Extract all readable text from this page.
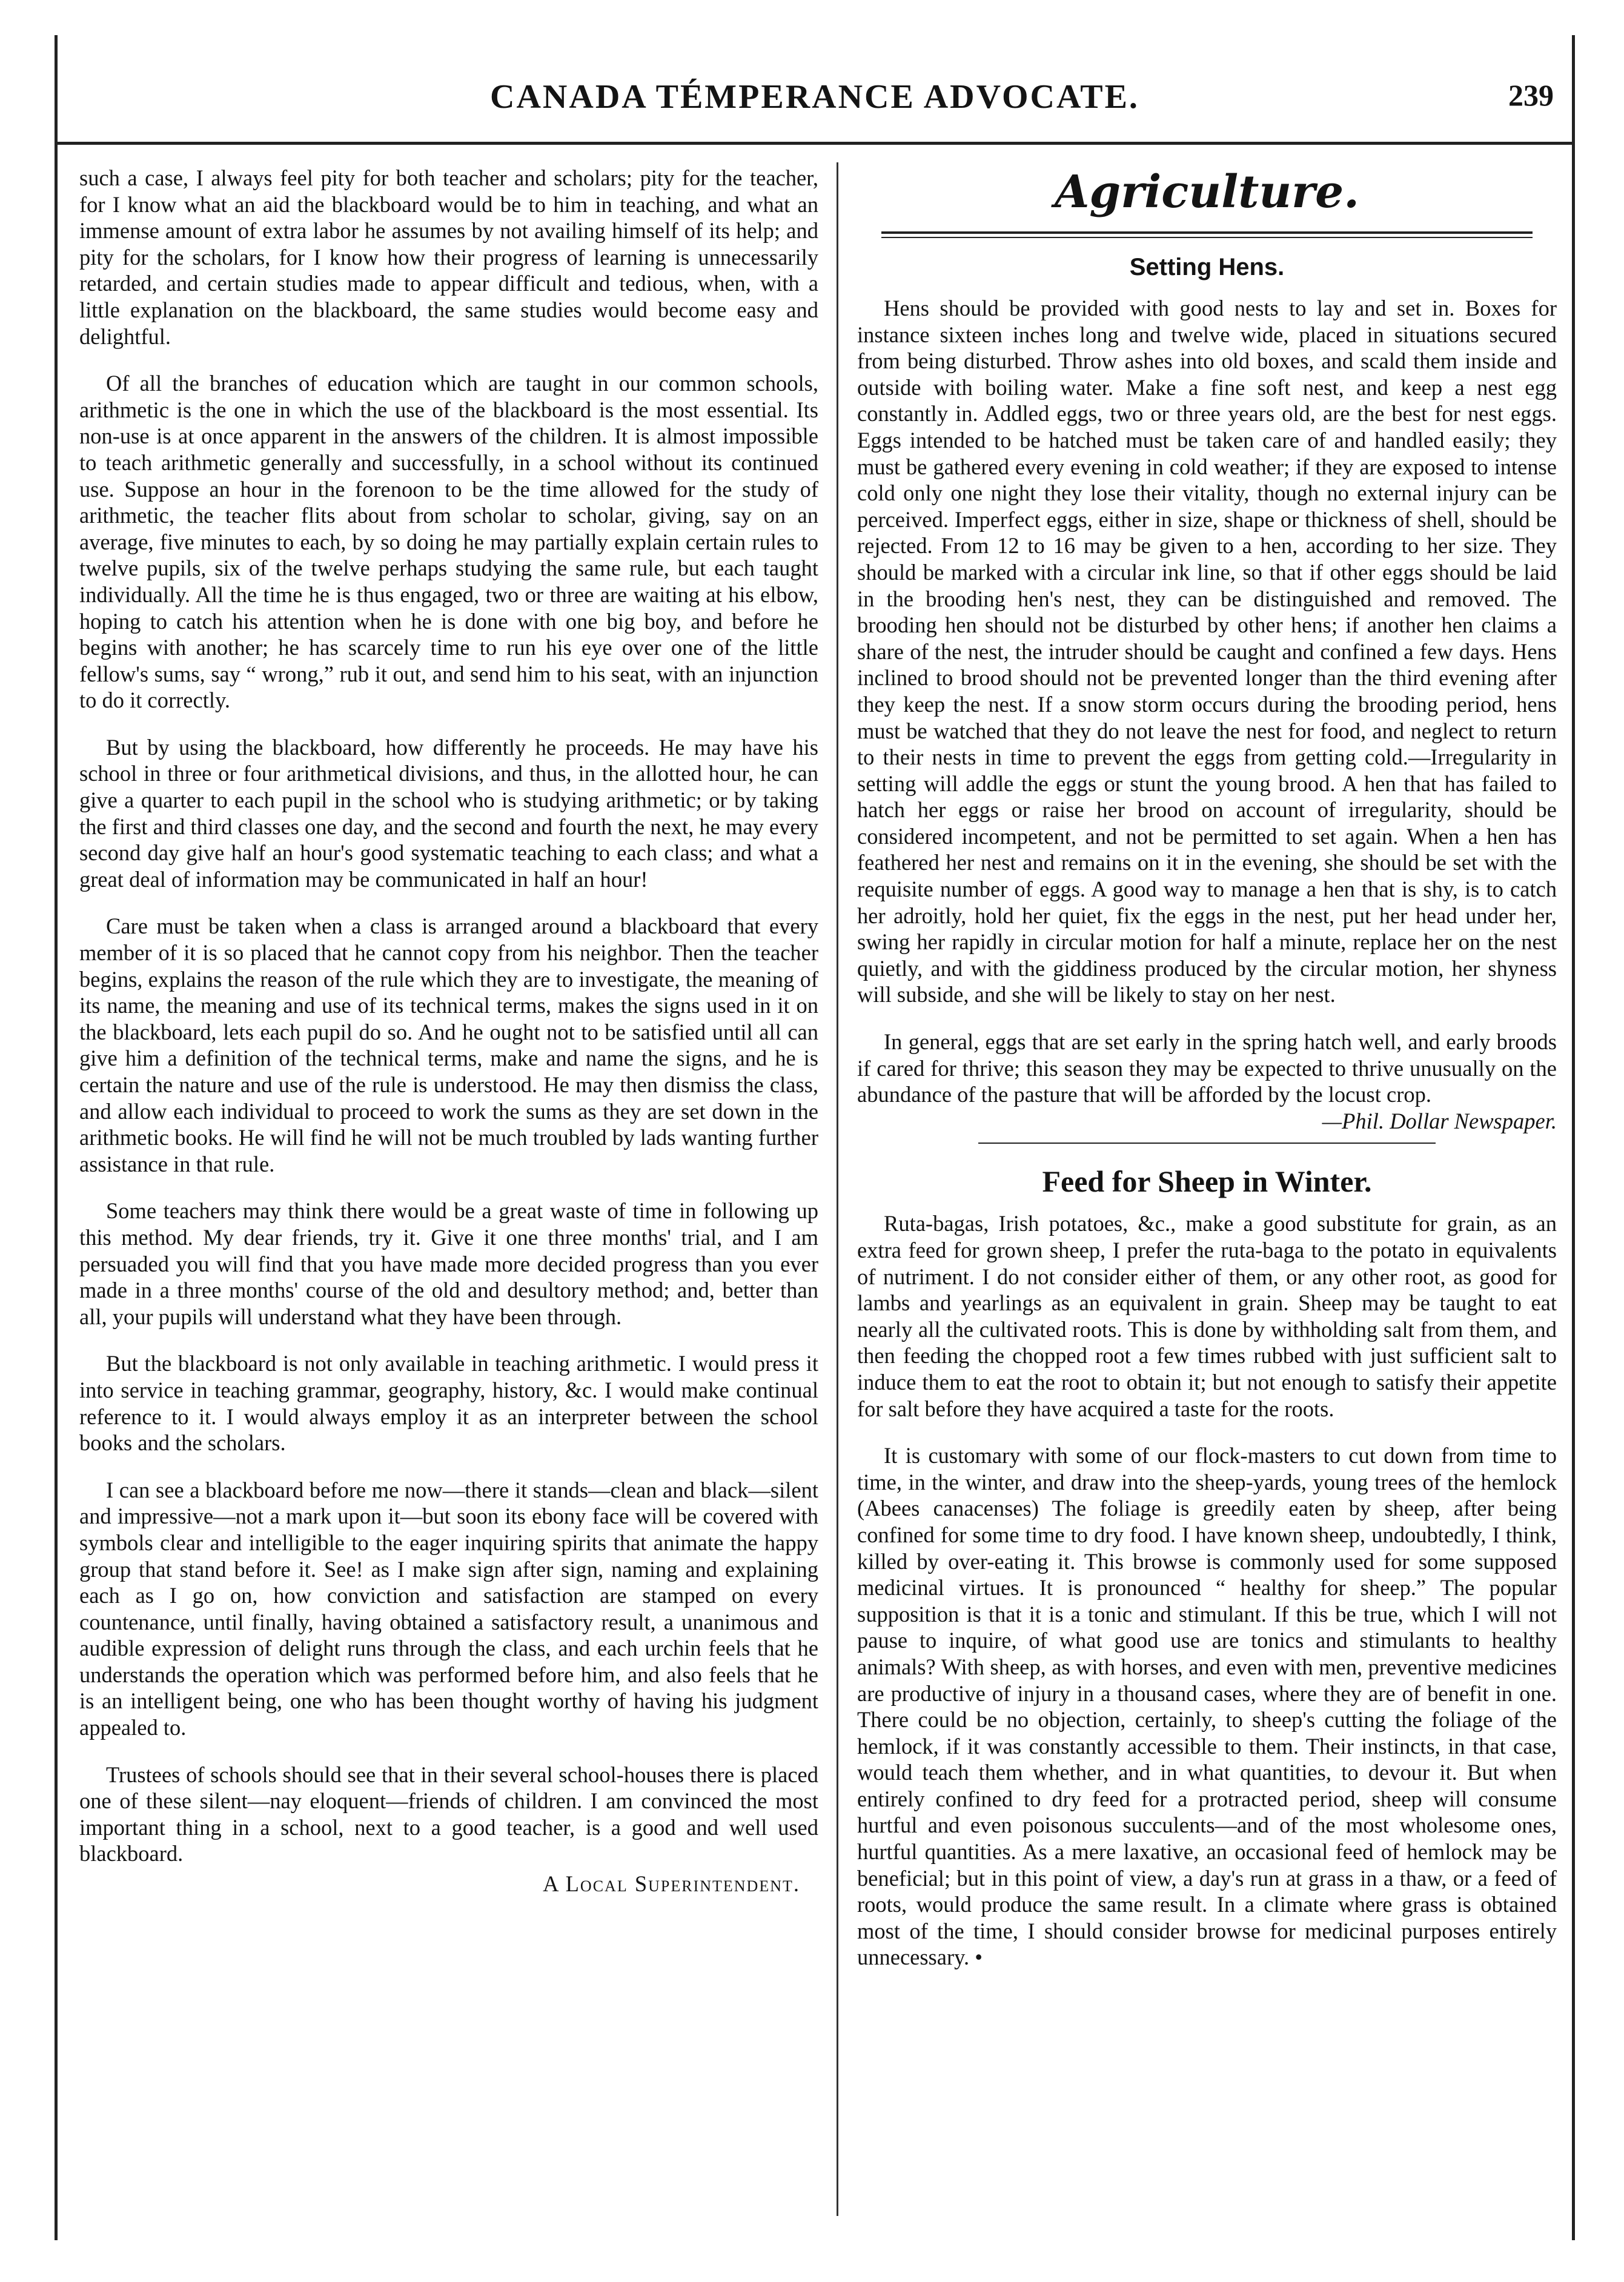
CANADA TÉMPERANCE ADVOCATE.	239

such a case, I always feel pity for both teacher and scholars; pity for the teacher, for I know what an aid the blackboard would be to him in teaching, and what an immense amount of extra labor he assumes by not availing himself of its help; and pity for the scholars, for I know how their progress of learning is unnecessarily retarded, and certain studies made to appear difficult and tedious, when, with a little explanation on the blackboard, the same studies would become easy and delightful.

Of all the branches of education which are taught in our common schools, arithmetic is the one in which the use of the blackboard is the most essential. Its non-use is at once apparent in the answers of the children. It is almost impossible to teach arithmetic generally and successfully, in a school without its continued use. Suppose an hour in the forenoon to be the time allowed for the study of arithmetic, the teacher flits about from scholar to scholar, giving, say on an average, five minutes to each, by so doing he may partially explain certain rules to twelve pupils, six of the twelve perhaps studying the same rule, but each taught individually. All the time he is thus engaged, two or three are waiting at his elbow, hoping to catch his attention when he is done with one big boy, and before he begins with another; he has scarcely time to run his eye over one of the little fellow's sums, say “ wrong,” rub it out, and send him to his seat, with an injunction to do it correctly.

But by using the blackboard, how differently he proceeds. He may have his school in three or four arithmetical divisions, and thus, in the allotted hour, he can give a quarter to each pupil in the school who is studying arithmetic; or by taking the first and third classes one day, and the second and fourth the next, he may every second day give half an hour's good systematic teaching to each class; and what a great deal of information may be communicated in half an hour!

Care must be taken when a class is arranged around a blackboard that every member of it is so placed that he cannot copy from his neighbor. Then the teacher begins, explains the reason of the rule which they are to investigate, the meaning of its name, the meaning and use of its technical terms, makes the signs used in it on the blackboard, lets each pupil do so. And he ought not to be satisfied until all can give him a definition of the technical terms, make and name the signs, and he is certain the nature and use of the rule is understood. He may then dismiss the class, and allow each individual to proceed to work the sums as they are set down in the arithmetic books. He will find he will not be much troubled by lads wanting further assistance in that rule.

Some teachers may think there would be a great waste of time in following up this method. My dear friends, try it. Give it one three months' trial, and I am persuaded you will find that you have made more decided progress than you ever made in a three months' course of the old and desultory method; and, better than all, your pupils will understand what they have been through.

But the blackboard is not only available in teaching arithmetic. I would press it into service in teaching grammar, geography, history, &c. I would make continual reference to it. I would always employ it as an interpreter between the school books and the scholars.

I can see a blackboard before me now—there it stands—clean and black—silent and impressive—not a mark upon it—but soon its ebony face will be covered with symbols clear and intelligible to the eager inquiring spirits that animate the happy group that stand before it. See! as I make sign after sign, naming and explaining each as I go on, how conviction and satisfaction are stamped on every countenance, until finally, having obtained a satisfactory result, a unanimous and audible expression of delight runs through the class, and each urchin feels that he understands the operation which was performed before him, and also feels that he is an intelligent being, one who has been thought worthy of having his judgment appealed to.

Trustees of schools should see that in their several school-houses there is placed one of these silent—nay eloquent—friends of children. I am convinced the most important thing in a school, next to a good teacher, is a good and well used blackboard.

A Local Superintendent.
Agriculture.
Setting Hens.

Hens should be provided with good nests to lay and set in. Boxes for instance sixteen inches long and twelve wide, placed in situations secured from being disturbed. Throw ashes into old boxes, and scald them inside and outside with boiling water. Make a fine soft nest, and keep a nest egg constantly in. Addled eggs, two or three years old, are the best for nest eggs. Eggs intended to be hatched must be taken care of and handled easily; they must be gathered every evening in cold weather; if they are exposed to intense cold only one night they lose their vitality, though no external injury can be perceived. Imperfect eggs, either in size, shape or thickness of shell, should be rejected. From 12 to 16 may be given to a hen, according to her size. They should be marked with a circular ink line, so that if other eggs should be laid in the brooding hen's nest, they can be distinguished and removed. The brooding hen should not be disturbed by other hens; if another hen claims a share of the nest, the intruder should be caught and confined a few days. Hens inclined to brood should not be prevented longer than the third evening after they keep the nest. If a snow storm occurs during the brooding period, hens must be watched that they do not leave the nest for food, and neglect to return to their nests in time to prevent the eggs from getting cold.—Irregularity in setting will addle the eggs or stunt the young brood. A hen that has failed to hatch her eggs or raise her brood on account of irregularity, should be considered incompetent, and not be permitted to set again. When a hen has feathered her nest and remains on it in the evening, she should be set with the requisite number of eggs. A good way to manage a hen that is shy, is to catch her adroitly, hold her quiet, fix the eggs in the nest, put her head under her, swing her rapidly in circular motion for half a minute, replace her on the nest quietly, and with the giddiness produced by the circular motion, her shyness will subside, and she will be likely to stay on her nest.

In general, eggs that are set early in the spring hatch well, and early broods if cared for thrive; this season they may be expected to thrive unusually on the abundance of the pasture that will be afforded by the locust crop.

—Phil. Dollar Newspaper.

Feed for Sheep in Winter.

Ruta-bagas, Irish potatoes, &c., make a good substitute for grain, as an extra feed for grown sheep, I prefer the ruta-baga to the potato in equivalents of nutriment. I do not consider either of them, or any other root, as good for lambs and yearlings as an equivalent in grain. Sheep may be taught to eat nearly all the cultivated roots. This is done by withholding salt from them, and then feeding the chopped root a few times rubbed with just sufficient salt to induce them to eat the root to obtain it; but not enough to satisfy their appetite for salt before they have acquired a taste for the roots.

It is customary with some of our flock-masters to cut down from time to time, in the winter, and draw into the sheep-yards, young trees of the hemlock (Abees canacenses) The foliage is greedily eaten by sheep, after being confined for some time to dry food. I have known sheep, undoubtedly, I think, killed by over-eating it. This browse is commonly used for some supposed medicinal virtues. It is pronounced “ healthy for sheep.” The popular supposition is that it is a tonic and stimulant. If this be true, which I will not pause to inquire, of what good use are tonics and stimulants to healthy animals? With sheep, as with horses, and even with men, preventive medicines are productive of injury in a thousand cases, where they are of benefit in one. There could be no objection, certainly, to sheep's cutting the foliage of the hemlock, if it was constantly accessible to them. Their instincts, in that case, would teach them whether, and in what quantities, to devour it. But when entirely confined to dry feed for a protracted period, sheep will consume hurtful and even poisonous succulents—and of the most wholesome ones, hurtful quantities. As a mere laxative, an occasional feed of hemlock may be beneficial; but in this point of view, a day's run at grass in a thaw, or a feed of roots, would produce the same result. In a climate where grass is obtained most of the time, I should consider browse for medicinal purposes entirely unnecessary. •
